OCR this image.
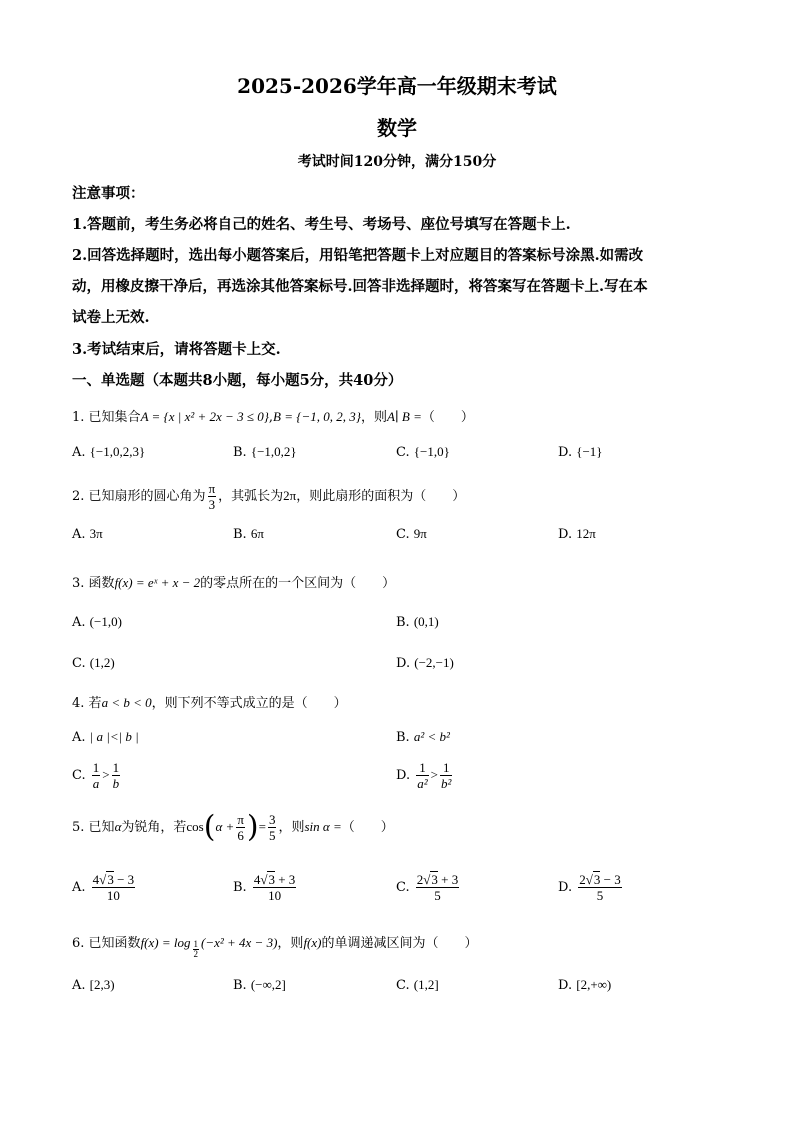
2025-2026学年高一年级期末考试
数学
考试时间120分钟，满分150分
注意事项：
1.答题前，考生务必将自己的姓名、考生号、考场号、座位号填写在答题卡上.
2.回答选择题时，选出每小题答案后，用铅笔把答题卡上对应题目的答案标号涂黑.如需改
动，用橡皮擦干净后，再选涂其他答案标号.回答非选择题时，将答案写在答题卡上.写在本
试卷上无效.
3.考试结束后，请将答题卡上交.
一、单选题（本题共8小题，每小题5分，共40分）
1. 已知集合A = {x | x² + 2x − 3 ≤ 0},B = {−1, 0, 2, 3}，则A∣ B =（　　）
A. {−1,0,2,3}	B. {−1,0,2}	C. {−1,0}	D. {−1}
2. 已知扇形的圆心角为 $\frac{\pi}{3}$ ，其弧长为2π，则此扇形的面积为（　　）
A. 3π	B. 6π	C. 9π	D. 12π
3. 函数f(x) = eˣ + x − 2的零点所在的一个区间为（　　）
A. (−1,0)	B. (0,1)
C. (1,2)	D. (−2,−1)
4. 若a < b < 0，则下列不等式成立的是（　　）
A. | a |<| b |	B. a² < b²
C. $\frac{1}{a} > \frac{1}{b}$	D. $\frac{1}{\text{a²}} > \frac{1}{\text{b²}}$
5. 已知α为锐角，若$\cos(\alpha + \frac{\pi}{6}$ )= $\frac{3}{5}$ ，则sin α =（　　）
A. $\frac{4√3 - 3}{10}$	B. $\frac{4√3 + 3}{10}$	C. $\frac{2√3 + 3}{5}$	D. $\frac{2√3 - 3}{5}$
6. 已知函数$f(x) = \log \frac{1}{2} (-x^2 + 4x - 3)$，则f(x)的单调递减区间为（　　）
A. [2,3)	B. (−∞,2]	C. (1,2]	D. [2,+∞)
